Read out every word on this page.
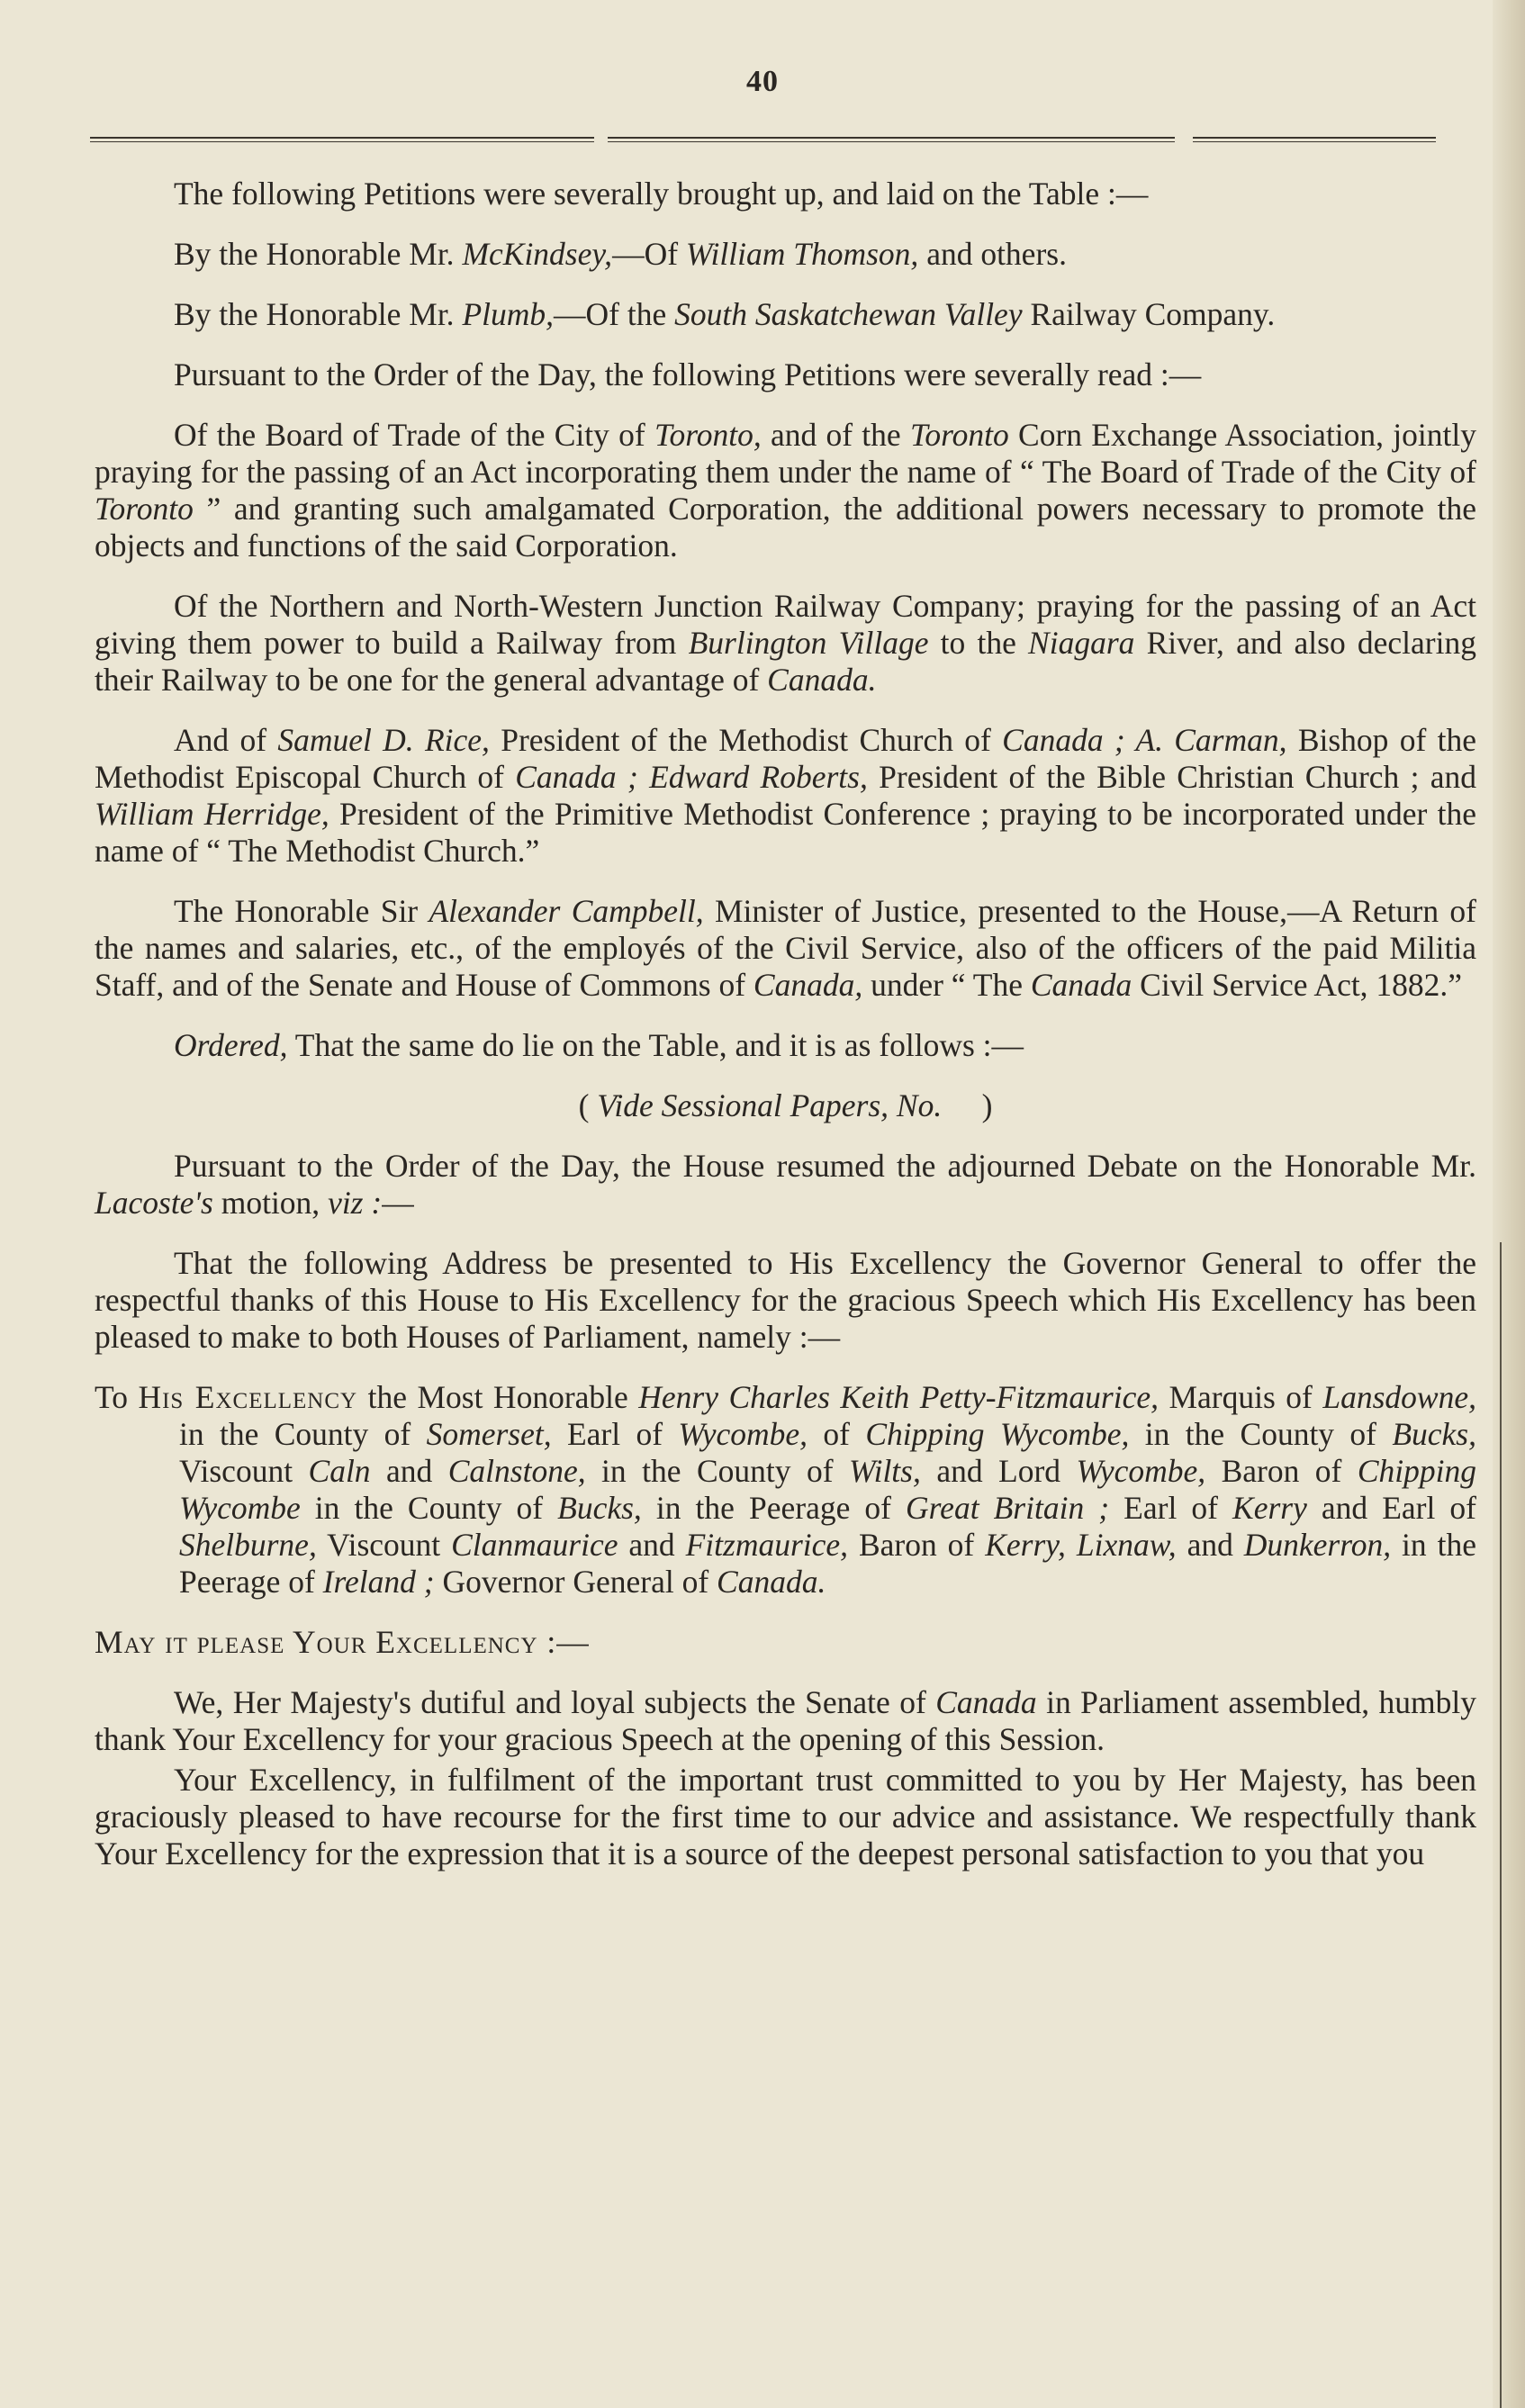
40

The following Petitions were severally brought up, and laid on the Table :—

By the Honorable Mr. McKindsey,—Of William Thomson, and others.

By the Honorable Mr. Plumb,—Of the South Saskatchewan Valley Railway Company.

Pursuant to the Order of the Day, the following Petitions were severally read :—

Of the Board of Trade of the City of Toronto, and of the Toronto Corn Exchange Association, jointly praying for the passing of an Act incorporating them under the name of “ The Board of Trade of the City of Toronto ” and granting such amalgamated Corporation, the additional powers necessary to promote the objects and functions of the said Corporation.

Of the Northern and North-Western Junction Railway Company; praying for the passing of an Act giving them power to build a Railway from Burlington Village to the Niagara River, and also declaring their Railway to be one for the general advantage of Canada.

And of Samuel D. Rice, President of the Methodist Church of Canada ; A. Carman, Bishop of the Methodist Episcopal Church of Canada ; Edward Roberts, President of the Bible Christian Church ; and William Herridge, President of the Primitive Methodist Conference ; praying to be incorporated under the name of “ The Methodist Church.”

The Honorable Sir Alexander Campbell, Minister of Justice, presented to the House,—A Return of the names and salaries, etc., of the employés of the Civil Service, also of the officers of the paid Militia Staff, and of the Senate and House of Commons of Canada, under “ The Canada Civil Service Act, 1882.”

Ordered, That the same do lie on the Table, and it is as follows :—

( Vide Sessional Papers, No.     )

Pursuant to the Order of the Day, the House resumed the adjourned Debate on the Honorable Mr. Lacoste's motion, viz :—

That the following Address be presented to His Excellency the Governor General to offer the respectful thanks of this House to His Excellency for the gracious Speech which His Excellency has been pleased to make to both Houses of Parliament, namely :—

To His Excellency the Most Honorable Henry Charles Keith Petty-Fitzmaurice, Marquis of Lansdowne, in the County of Somerset, Earl of Wycombe, of Chipping Wycombe, in the County of Bucks, Viscount Caln and Calnstone, in the County of Wilts, and Lord Wycombe, Baron of Chipping Wycombe in the County of Bucks, in the Peerage of Great Britain ; Earl of Kerry and Earl of Shelburne, Viscount Clanmaurice and Fitzmaurice, Baron of Kerry, Lixnaw, and Dunkerron, in the Peerage of Ireland ; Governor General of Canada.

May it please Your Excellency :—

We, Her Majesty's dutiful and loyal subjects the Senate of Canada in Parliament assembled, humbly thank Your Excellency for your gracious Speech at the opening of this Session.

Your Excellency, in fulfilment of the important trust committed to you by Her Majesty, has been graciously pleased to have recourse for the first time to our advice and assistance. We respectfully thank Your Excellency for the expression that it is a source of the deepest personal satisfaction to you that you
